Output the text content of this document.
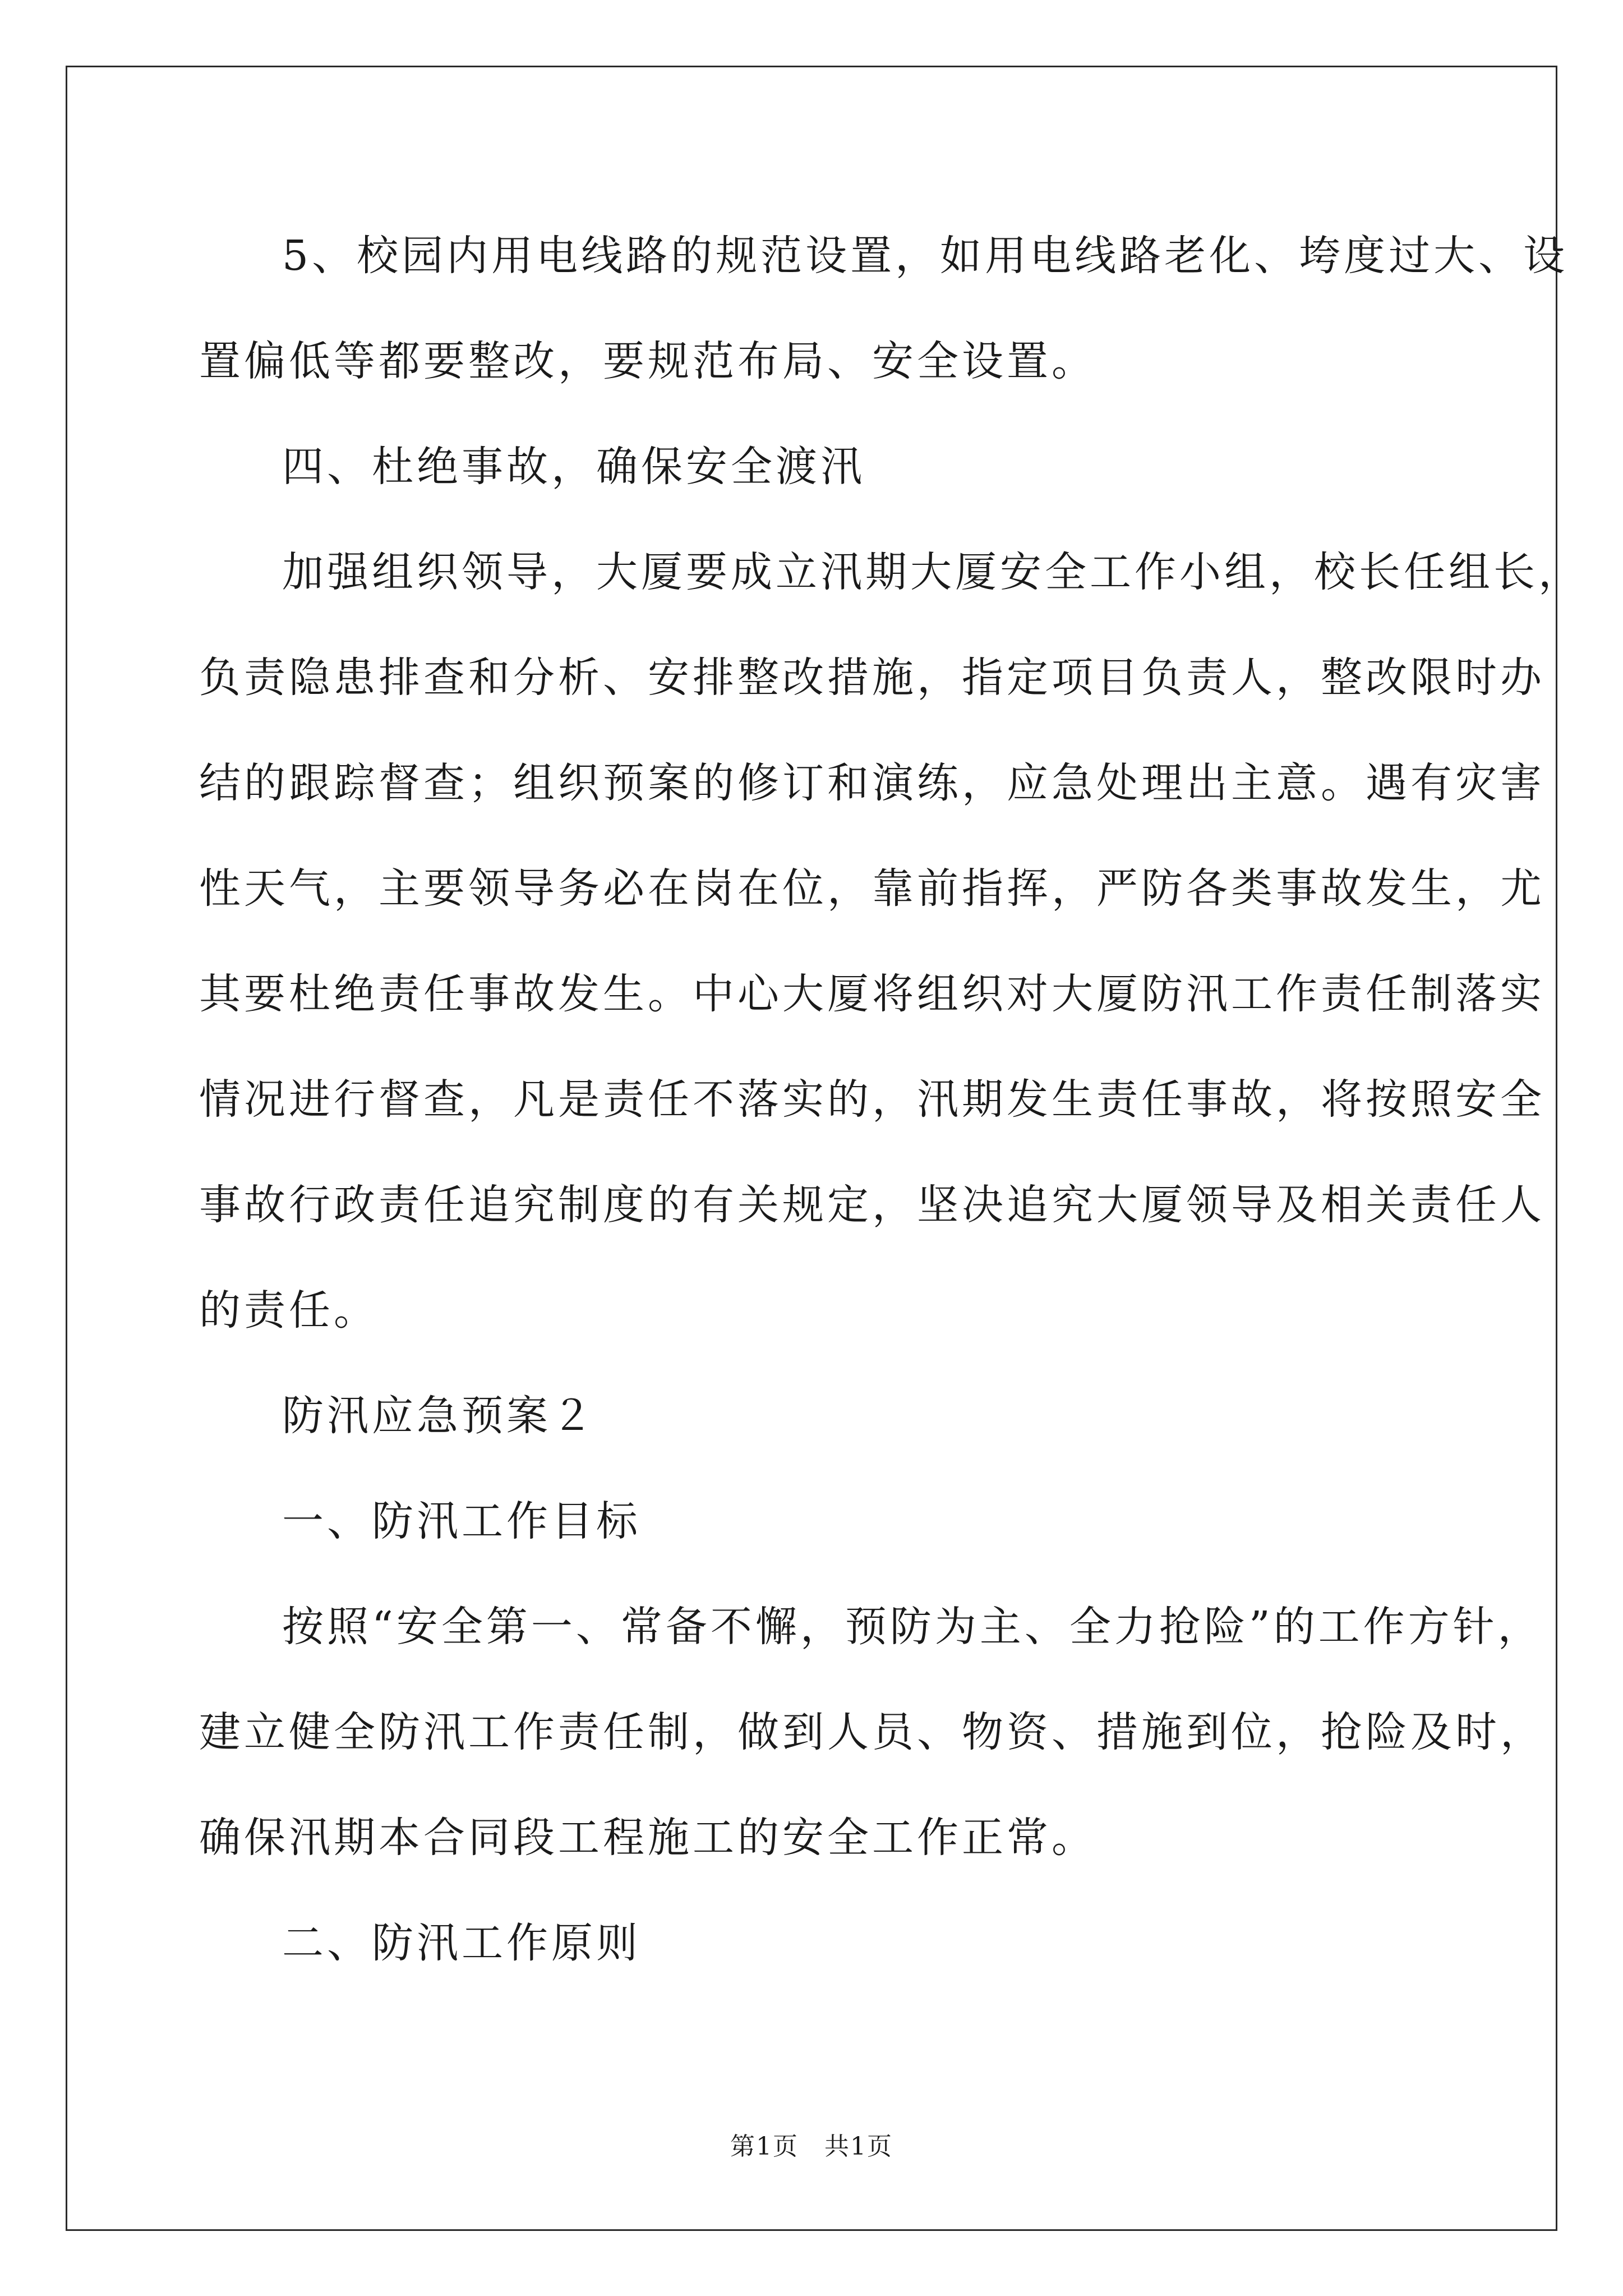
5、校园内用电线路的规范设置，如用电线路老化、垮度过大、设
置偏低等都要整改，要规范布局、安全设置。

四、杜绝事故，确保安全渡汛

加强组织领导，大厦要成立汛期大厦安全工作小组，校长任组长，
负责隐患排查和分析、安排整改措施，指定项目负责人，整改限时办
结的跟踪督查；组织预案的修订和演练，应急处理出主意。遇有灾害
性天气，主要领导务必在岗在位，靠前指挥，严防各类事故发生，尤
其要杜绝责任事故发生。中心大厦将组织对大厦防汛工作责任制落实
情况进行督查，凡是责任不落实的，汛期发生责任事故，将按照安全
事故行政责任追究制度的有关规定，坚决追究大厦领导及相关责任人
的责任。

防汛应急预案２

一、防汛工作目标

按照“安全第一、常备不懈，预防为主、全力抢险”的工作方针，
建立健全防汛工作责任制，做到人员、物资、措施到位，抢险及时，
确保汛期本合同段工程施工的安全工作正常。

二、防汛工作原则

第1页　共1页
